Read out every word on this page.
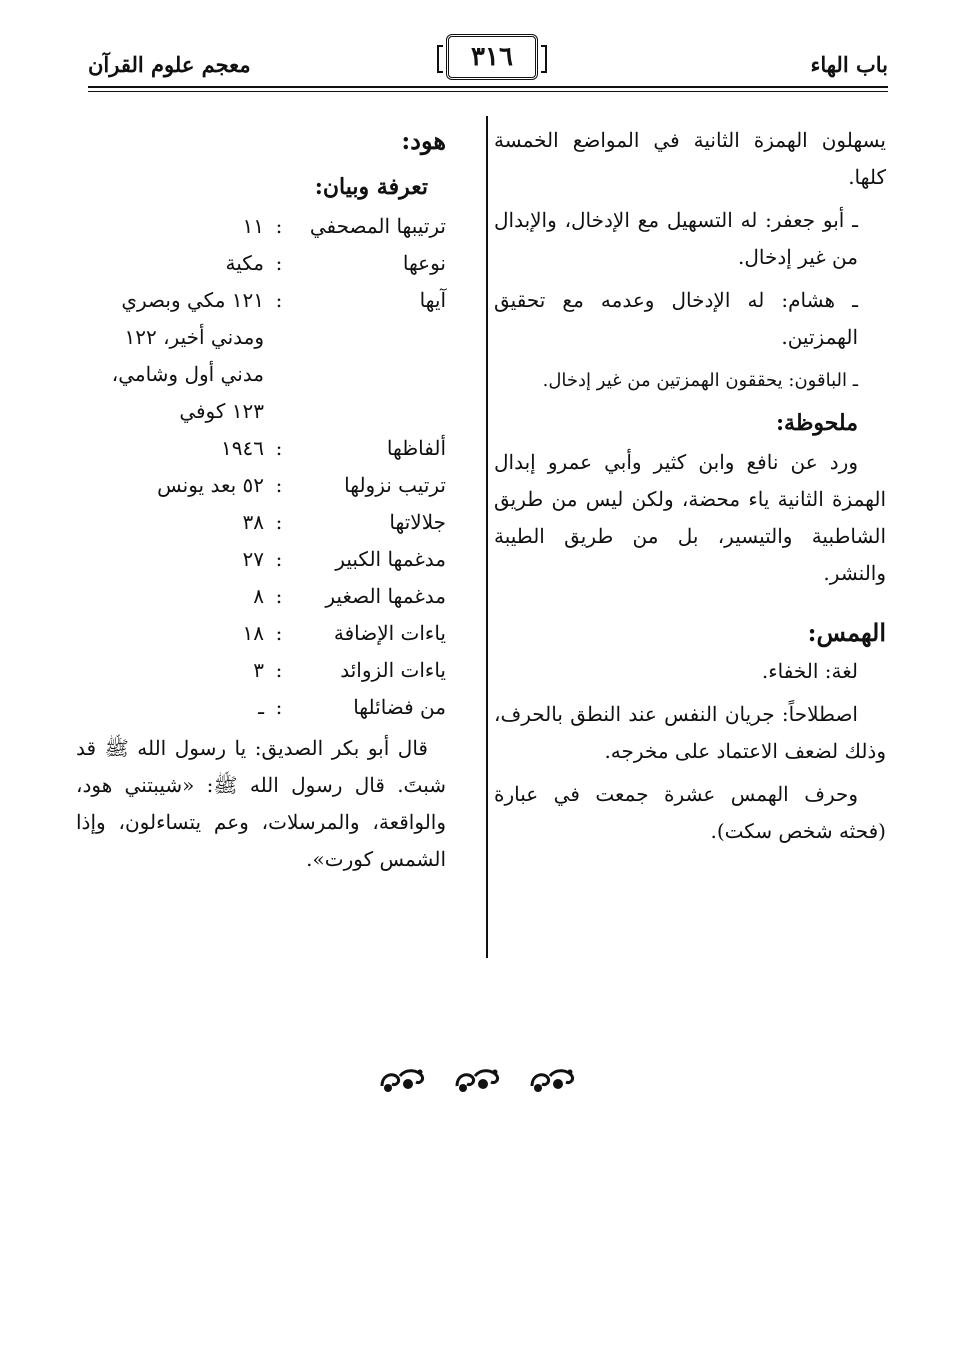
باب الهاء
٣١٦
معجم علوم القرآن

يسهلون الهمزة الثانية في المواضع الخمسة كلها.

ـ أبو جعفر: له التسهيل مع الإدخال، والإبدال من غير إدخال.

ـ هشام: له الإدخال وعدمه مع تحقيق الهمزتين.

ـ الباقون: يحققون الهمزتين من غير إدخال.

ملحوظة:

ورد عن نافع وابن كثير وأبي عمرو إبدال الهمزة الثانية ياء محضة، ولكن ليس من طريق الشاطبية والتيسير، بل من طريق الطيبة والنشر.

الهمس:

لغة: الخفاء.

اصطلاحاً: جريان النفس عند النطق بالحرف، وذلك لضعف الاعتماد على مخرجه.

وحرف الهمس عشرة جمعت في عبارة (فحثه شخص سكت).

هود:
تعرفة وبيان:
ترتيبها المصحفي	:	١١
نوعها	:	مكية
آيها	:	١٢١ مكي وبصري ومدني أخير، ١٢٢ مدني أول وشامي، ١٢٣ كوفي
ألفاظها	:	١٩٤٦
ترتيب نزولها	:	٥٢ بعد يونس
جلالاتها	:	٣٨
مدغمها الكبير	:	٢٧
مدغمها الصغير	:	٨
ياءات الإضافة	:	١٨
ياءات الزوائد	:	٣
من فضائلها	:	ـ

قال أبو بكر الصديق: يا رسول الله ﷺ قد شبتَ. قال رسول الله ﷺ: «شيبتني هود، والواقعة، والمرسلات، وعم يتساءلون، وإذا الشمس كورت».
